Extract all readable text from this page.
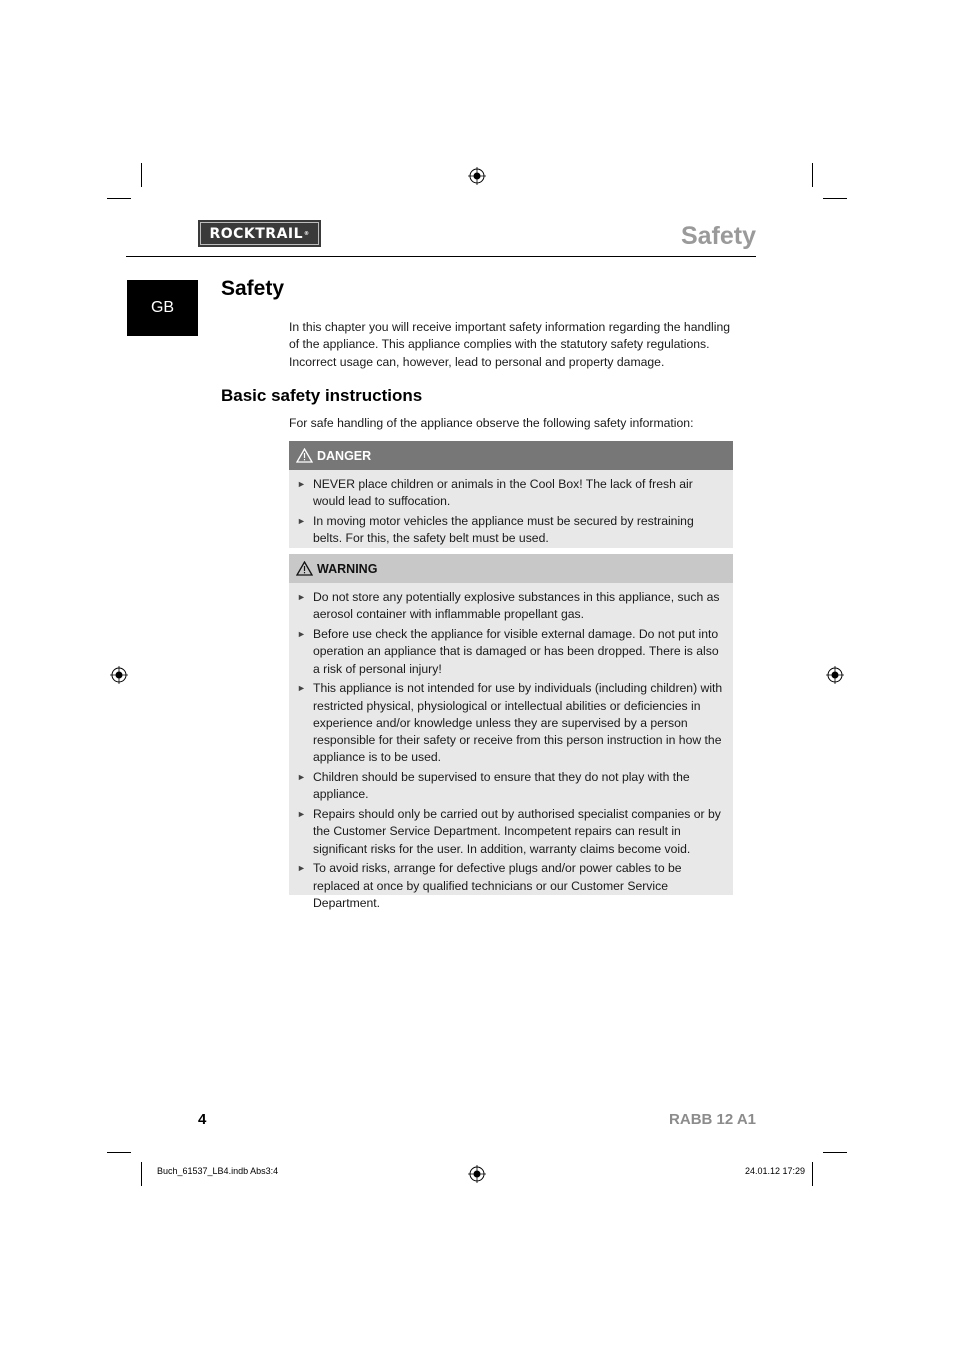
ROCKTRAIL ®	Safety
GB
Safety
In this chapter you will receive important safety information regarding the handling of the appliance. This appliance complies with the statutory safety regulations. Incorrect usage can, however, lead to personal and property damage.
Basic safety instructions
For safe handling of the appliance observe the following safety information:
DANGER
► NEVER place children or animals in the Cool Box! The lack of fresh air would lead to suffocation.
► In moving motor vehicles the appliance must be secured by restraining belts. For this, the safety belt must be used.
WARNING
► Do not store any potentially explosive substances in this appliance, such as aerosol container with inflammable propellant gas.
► Before use check the appliance for visible external damage. Do not put into operation an appliance that is damaged or has been dropped. There is also a risk of personal injury!
► This appliance is not intended for use by individuals (including children) with restricted physical, physiological or intellectual abilities or deficiencies in experience and/or knowledge unless they are supervised by a person responsible for their safety or receive from this person instruction in how the appliance is to be used.
► Children should be supervised to ensure that they do not play with the appliance.
► Repairs should only be carried out by authorised specialist companies or by the Customer Service Department. Incompetent repairs can result in significant risks for the user. In addition, warranty claims become void.
► To avoid risks, arrange for defective plugs and/or power cables to be replaced at once by qualified technicians or our Customer Service Department.
4	RABB 12 A1
Buch_61537_LB4.indb Abs3:4	24.01.12 17:29
